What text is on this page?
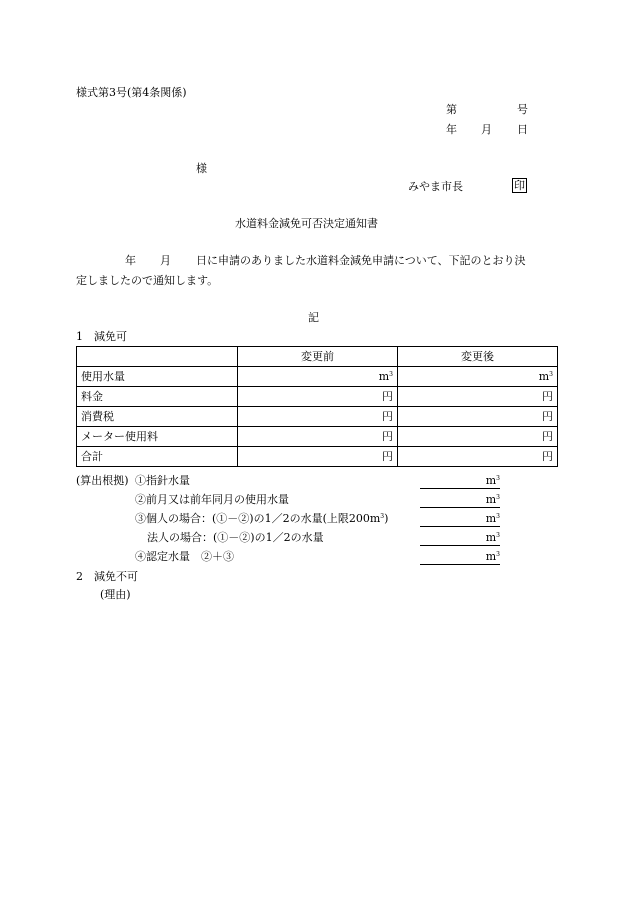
様式第3号(第4条関係)
第	号
年 月 日
様
みやま市長	印
水道料金減免可否決定通知書
年 月 日に申請のありました水道料金減免申請について、下記のとおり決
定しましたので通知します。
記
1　減免可
	変更前	変更後
使用水量	$m^3$	$m^3$
料金	円	円
消費税	円	円
メーター使用料	円	円
合計	円	円
(算出根拠) ①指針水量	$m^3$
②前月又は前年同月の使用水量	$m^3$
③個人の場合：(①－②)の1／2の水量(上限$200m^3$)	$m^3$
法人の場合：(①－②)の1／2の水量	$m^3$
④認定水量　②＋③	$m^3$
2　減免不可
(理由)
